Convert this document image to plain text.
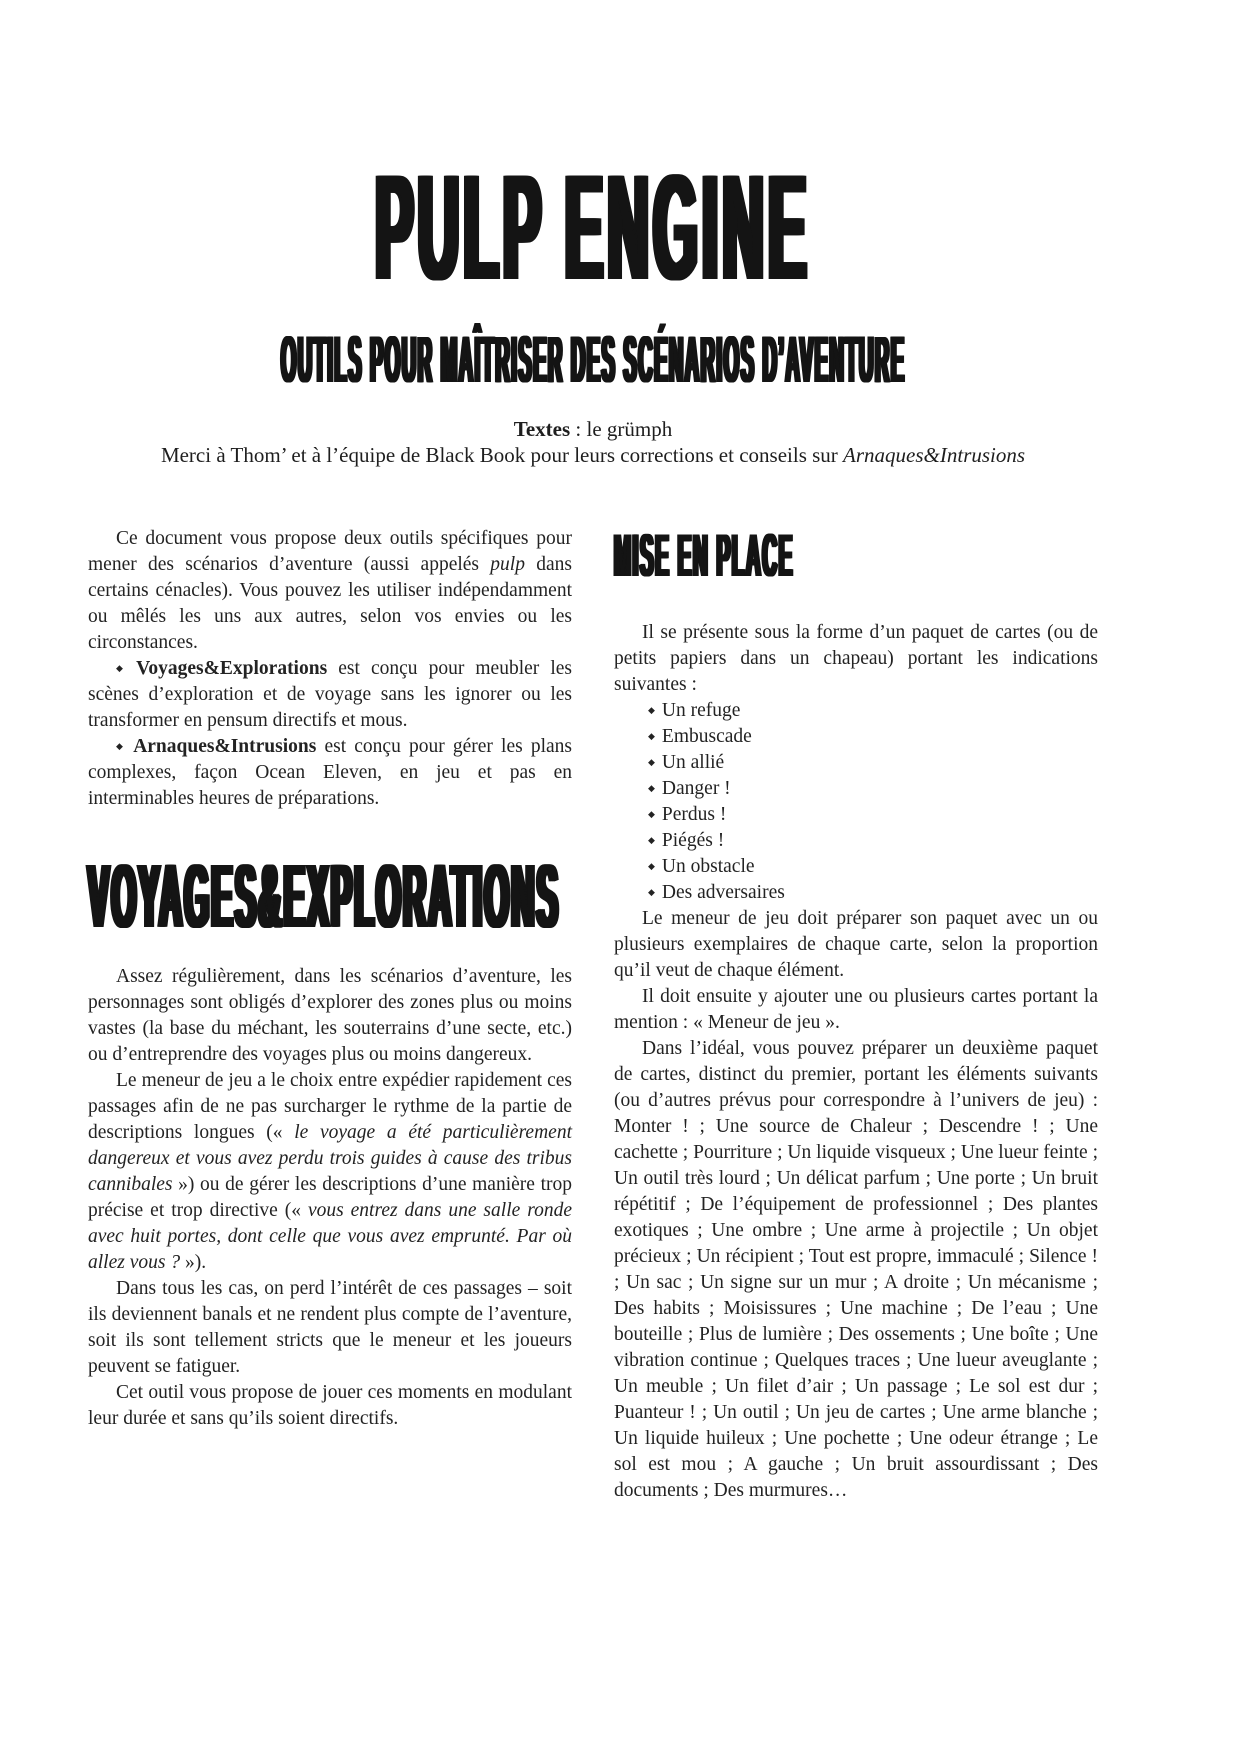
PULP ENGINE
OUTILS POUR MAÎTRISER DES SCÉNARIOS D’AVENTURE

Textes : le grümph

Merci à Thom’ et à l’équipe de Black Book pour leurs corrections et conseils sur Arnaques&Intrusions

Ce document vous propose deux outils spécifiques pour mener des scénarios d’aventure (aussi appelés pulp dans certains cénacles). Vous pouvez les utiliser indépendamment ou mêlés les uns aux autres, selon vos envies ou les circonstances.

◆ Voyages&Explorations est conçu pour meubler les scènes d’exploration et de voyage sans les ignorer ou les transformer en pensum directifs et mous.

◆ Arnaques&Intrusions est conçu pour gérer les plans complexes, façon Ocean Eleven, en jeu et pas en interminables heures de préparations.

VOYAGES&EXPLORATIONS

Assez régulièrement, dans les scénarios d’aventure, les personnages sont obligés d’explorer des zones plus ou moins vastes (la base du méchant, les souterrains d’une secte, etc.) ou d’entreprendre des voyages plus ou moins dangereux.

Le meneur de jeu a le choix entre expédier rapidement ces passages afin de ne pas surcharger le rythme de la partie de descriptions longues (« le voyage a été particulièrement dangereux et vous avez perdu trois guides à cause des tribus cannibales ») ou de gérer les descriptions d’une manière trop précise et trop directive (« vous entrez dans une salle ronde avec huit portes, dont celle que vous avez emprunté. Par où allez vous ? »).

Dans tous les cas, on perd l’intérêt de ces passages – soit ils deviennent banals et ne rendent plus compte de l’aventure, soit ils sont tellement stricts que le meneur et les joueurs peuvent se fatiguer.

Cet outil vous propose de jouer ces moments en modulant leur durée et sans qu’ils soient directifs.

MISE EN PLACE

Il se présente sous la forme d’un paquet de cartes (ou de petits papiers dans un chapeau) portant les indications suivantes :

◆ Un refuge
◆ Embuscade
◆ Un allié
◆ Danger !
◆ Perdus !
◆ Piégés !
◆ Un obstacle
◆ Des adversaires

Le meneur de jeu doit préparer son paquet avec un ou plusieurs exemplaires de chaque carte, selon la proportion qu’il veut de chaque élément.

Il doit ensuite y ajouter une ou plusieurs cartes portant la mention : « Meneur de jeu ».

Dans l’idéal, vous pouvez préparer un deuxième paquet de cartes, distinct du premier, portant les éléments suivants (ou d’autres prévus pour correspondre à l’univers de jeu) : Monter ! ; Une source de Chaleur ; Descendre ! ; Une cachette ; Pourriture ; Un liquide visqueux ; Une lueur feinte ; Un outil très lourd ; Un délicat parfum ; Une porte ; Un bruit répétitif ; De l’équipement de professionnel ; Des plantes exotiques ; Une ombre ; Une arme à projectile ; Un objet précieux ; Un récipient ; Tout est propre, immaculé ; Silence ! ; Un sac ; Un signe sur un mur ; A droite ; Un mécanisme ; Des habits ; Moisissures ; Une machine ; De l’eau ; Une bouteille ; Plus de lumière ; Des ossements ; Une boîte ; Une vibration continue ; Quelques traces ; Une lueur aveuglante ; Un meuble ; Un filet d’air ; Un passage ; Le sol est dur ; Puanteur ! ; Un outil ; Un jeu de cartes ; Une arme blanche ; Un liquide huileux ; Une pochette ; Une odeur étrange ; Le sol est mou ; A gauche ; Un bruit assourdissant ; Des documents ; Des murmures…
